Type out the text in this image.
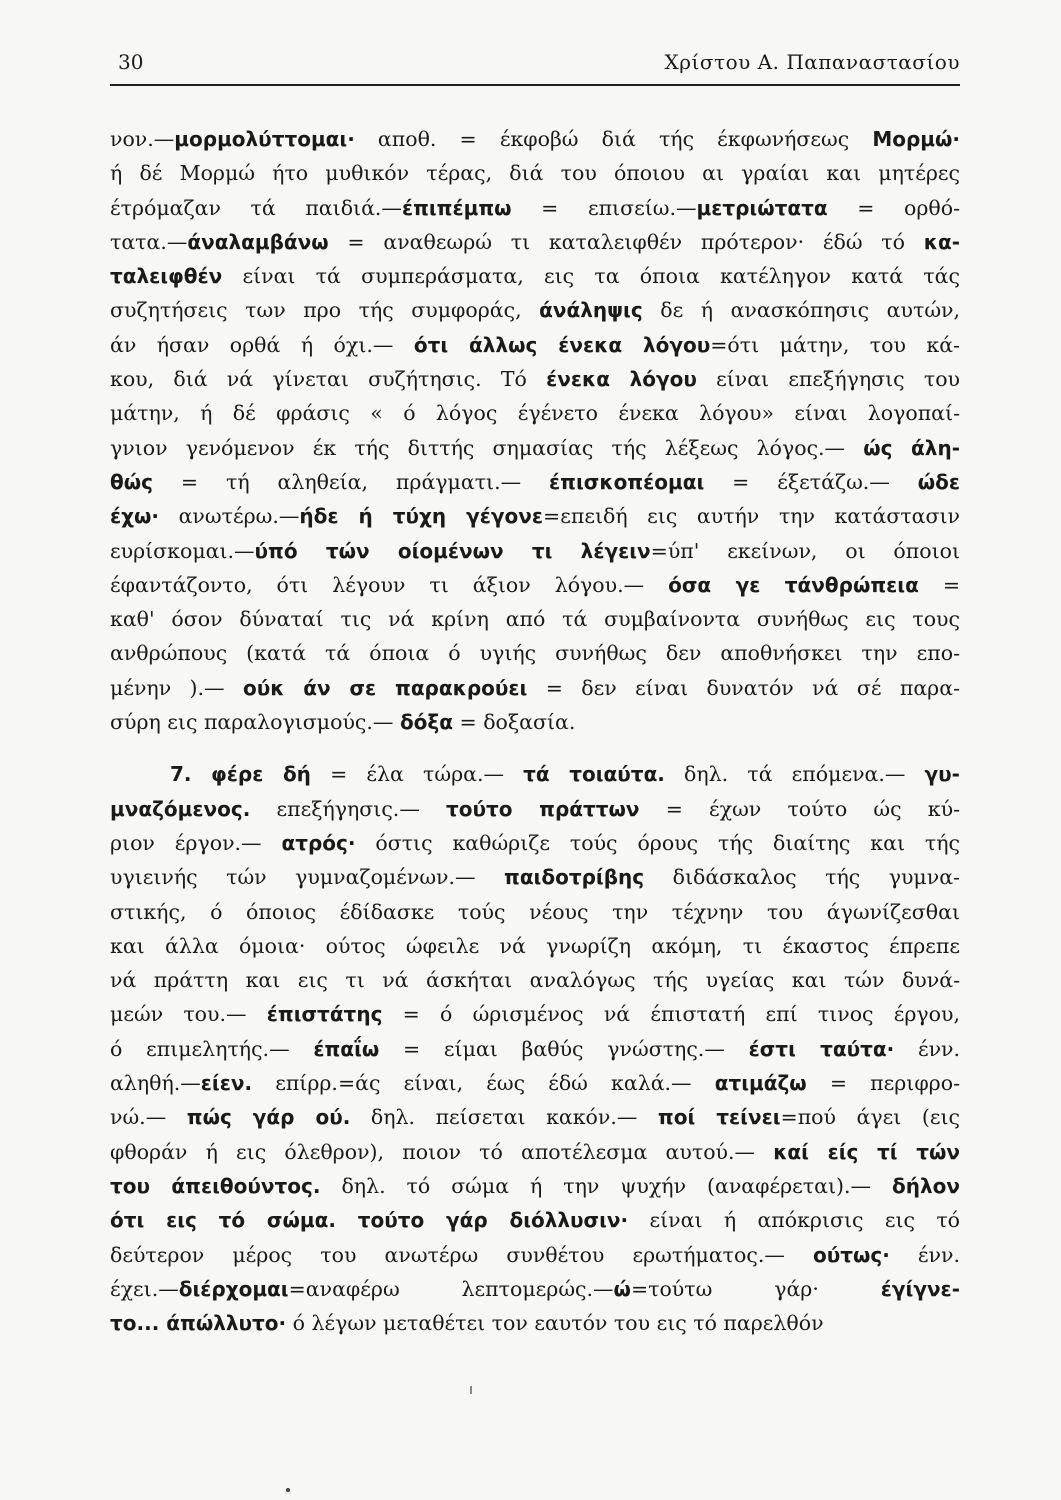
30	Χρίστου Α. Παπαναστασίου
νον.—μορμολύττομαι· αποθ. = έκφοβώ διά τής έκφωνήσεως Μορμώ·
ή δέ Μορμώ ήτο μυθικόν τέρας, διά του όποιου αι γραίαι και μητέρες
έτρόμαζαν τά παιδιά.—έπιπέμπω = επισείω.—μετριώτατα = ορθό-
τατα.—άναλαμβάνω = αναθεωρώ τι καταλειφθέν πρότερον· έδώ τό κα-
ταλειφθέν είναι τά συμπεράσματα, εις τα όποια κατέληγον κατά τάς
συζητήσεις των προ τής συμφοράς, άνάληψις δε ή ανασκόπησις αυτών,
άν ήσαν ορθά ή όχι.— ότι άλλως ένεκα λόγου=ότι μάτην, του κά-
κου, διά νά γίνεται συζήτησις. Τό ένεκα λόγου είναι επεξήγησις του
μάτην, ή δέ φράσις « ό λόγος έγένετο ένεκα λόγου» είναι λογοπαί-
γνιον γενόμενον έκ τής διττής σημασίας τής λέξεως λόγος.— ώς άλη-
θώς = τή αληθεία, πράγματι.— έπισκοπέομαι = έξετάζω.— ώδε
έχω· ανωτέρω.—ήδε ή τύχη γέγονε=επειδή εις αυτήν την κατάστασιν
ευρίσκομαι.—ύπό τών οίομένων τι λέγειν=ύπ' εκείνων, οι όποιοι
έφαντάζοντο, ότι λέγουν τι άξιον λόγου.— όσα γε τάνθρώπεια =
καθ' όσον δύναταί τις νά κρίνη από τά συμβαίνοντα συνήθως εις τους
ανθρώπους (κατά τά όποια ό υγιής συνήθως δεν αποθνήσκει την επο-
μένην ).— ούκ άν σε παρακρούει = δεν είναι δυνατόν νά σέ παρα-
σύρη εις παραλογισμούς.— δόξα = δοξασία.
7. φέρε δή = έλα τώρα.— τά τοιαύτα. δηλ. τά επόμενα.— γυ-
μναζόμενος. επεξήγησις.— τούτο πράττων = έχων τούτο ώς κύ-
ριον έργον.— ατρός· όστις καθώριζε τούς όρους τής διαίτης και τής
υγιεινής τών γυμναζομένων.— παιδοτρίβης διδάσκαλος τής γυμνα-
στικής, ό όποιος έδίδασκε τούς νέους την τέχνην του άγωνίζεσθαι
και άλλα όμοια· ούτος ώφειλε νά γνωρίζη ακόμη, τι έκαστος έπρεπε
νά πράττη και εις τι νά άσκήται αναλόγως τής υγείας και τών δυνά-
μεών του.— έπιστάτης = ό ώρισμένος νά έπιστατή επί τινος έργου,
ό επιμελητής.— έπαΐω = είμαι βαθύς γνώστης.— έστι ταύτα· ένν.
αληθή.—είεν. επίρρ.=άς είναι, έως έδώ καλά.— ατιμάζω = περιφρο-
νώ.— πώς γάρ ού. δηλ. πείσεται κακόν.— ποί τείνει=πού άγει (εις
φθοράν ή εις όλεθρον), ποιον τό αποτέλεσμα αυτού.— καί είς τί τών
του άπειθούντος. δηλ. τό σώμα ή την ψυχήν (αναφέρεται).— δήλον
ότι εις τό σώμα. τούτο γάρ διόλλυσιν· είναι ή απόκρισις εις τό
δεύτερον μέρος του ανωτέρω συνθέτου ερωτήματος.— ούτως· ένν.
έχει.—διέρχομαι=αναφέρω λεπτομερώς.—ώ=τούτω γάρ· έγίγνε-
το... άπώλλυτο· ό λέγων μεταθέτει τον εαυτόν του εις τό παρελθόν
